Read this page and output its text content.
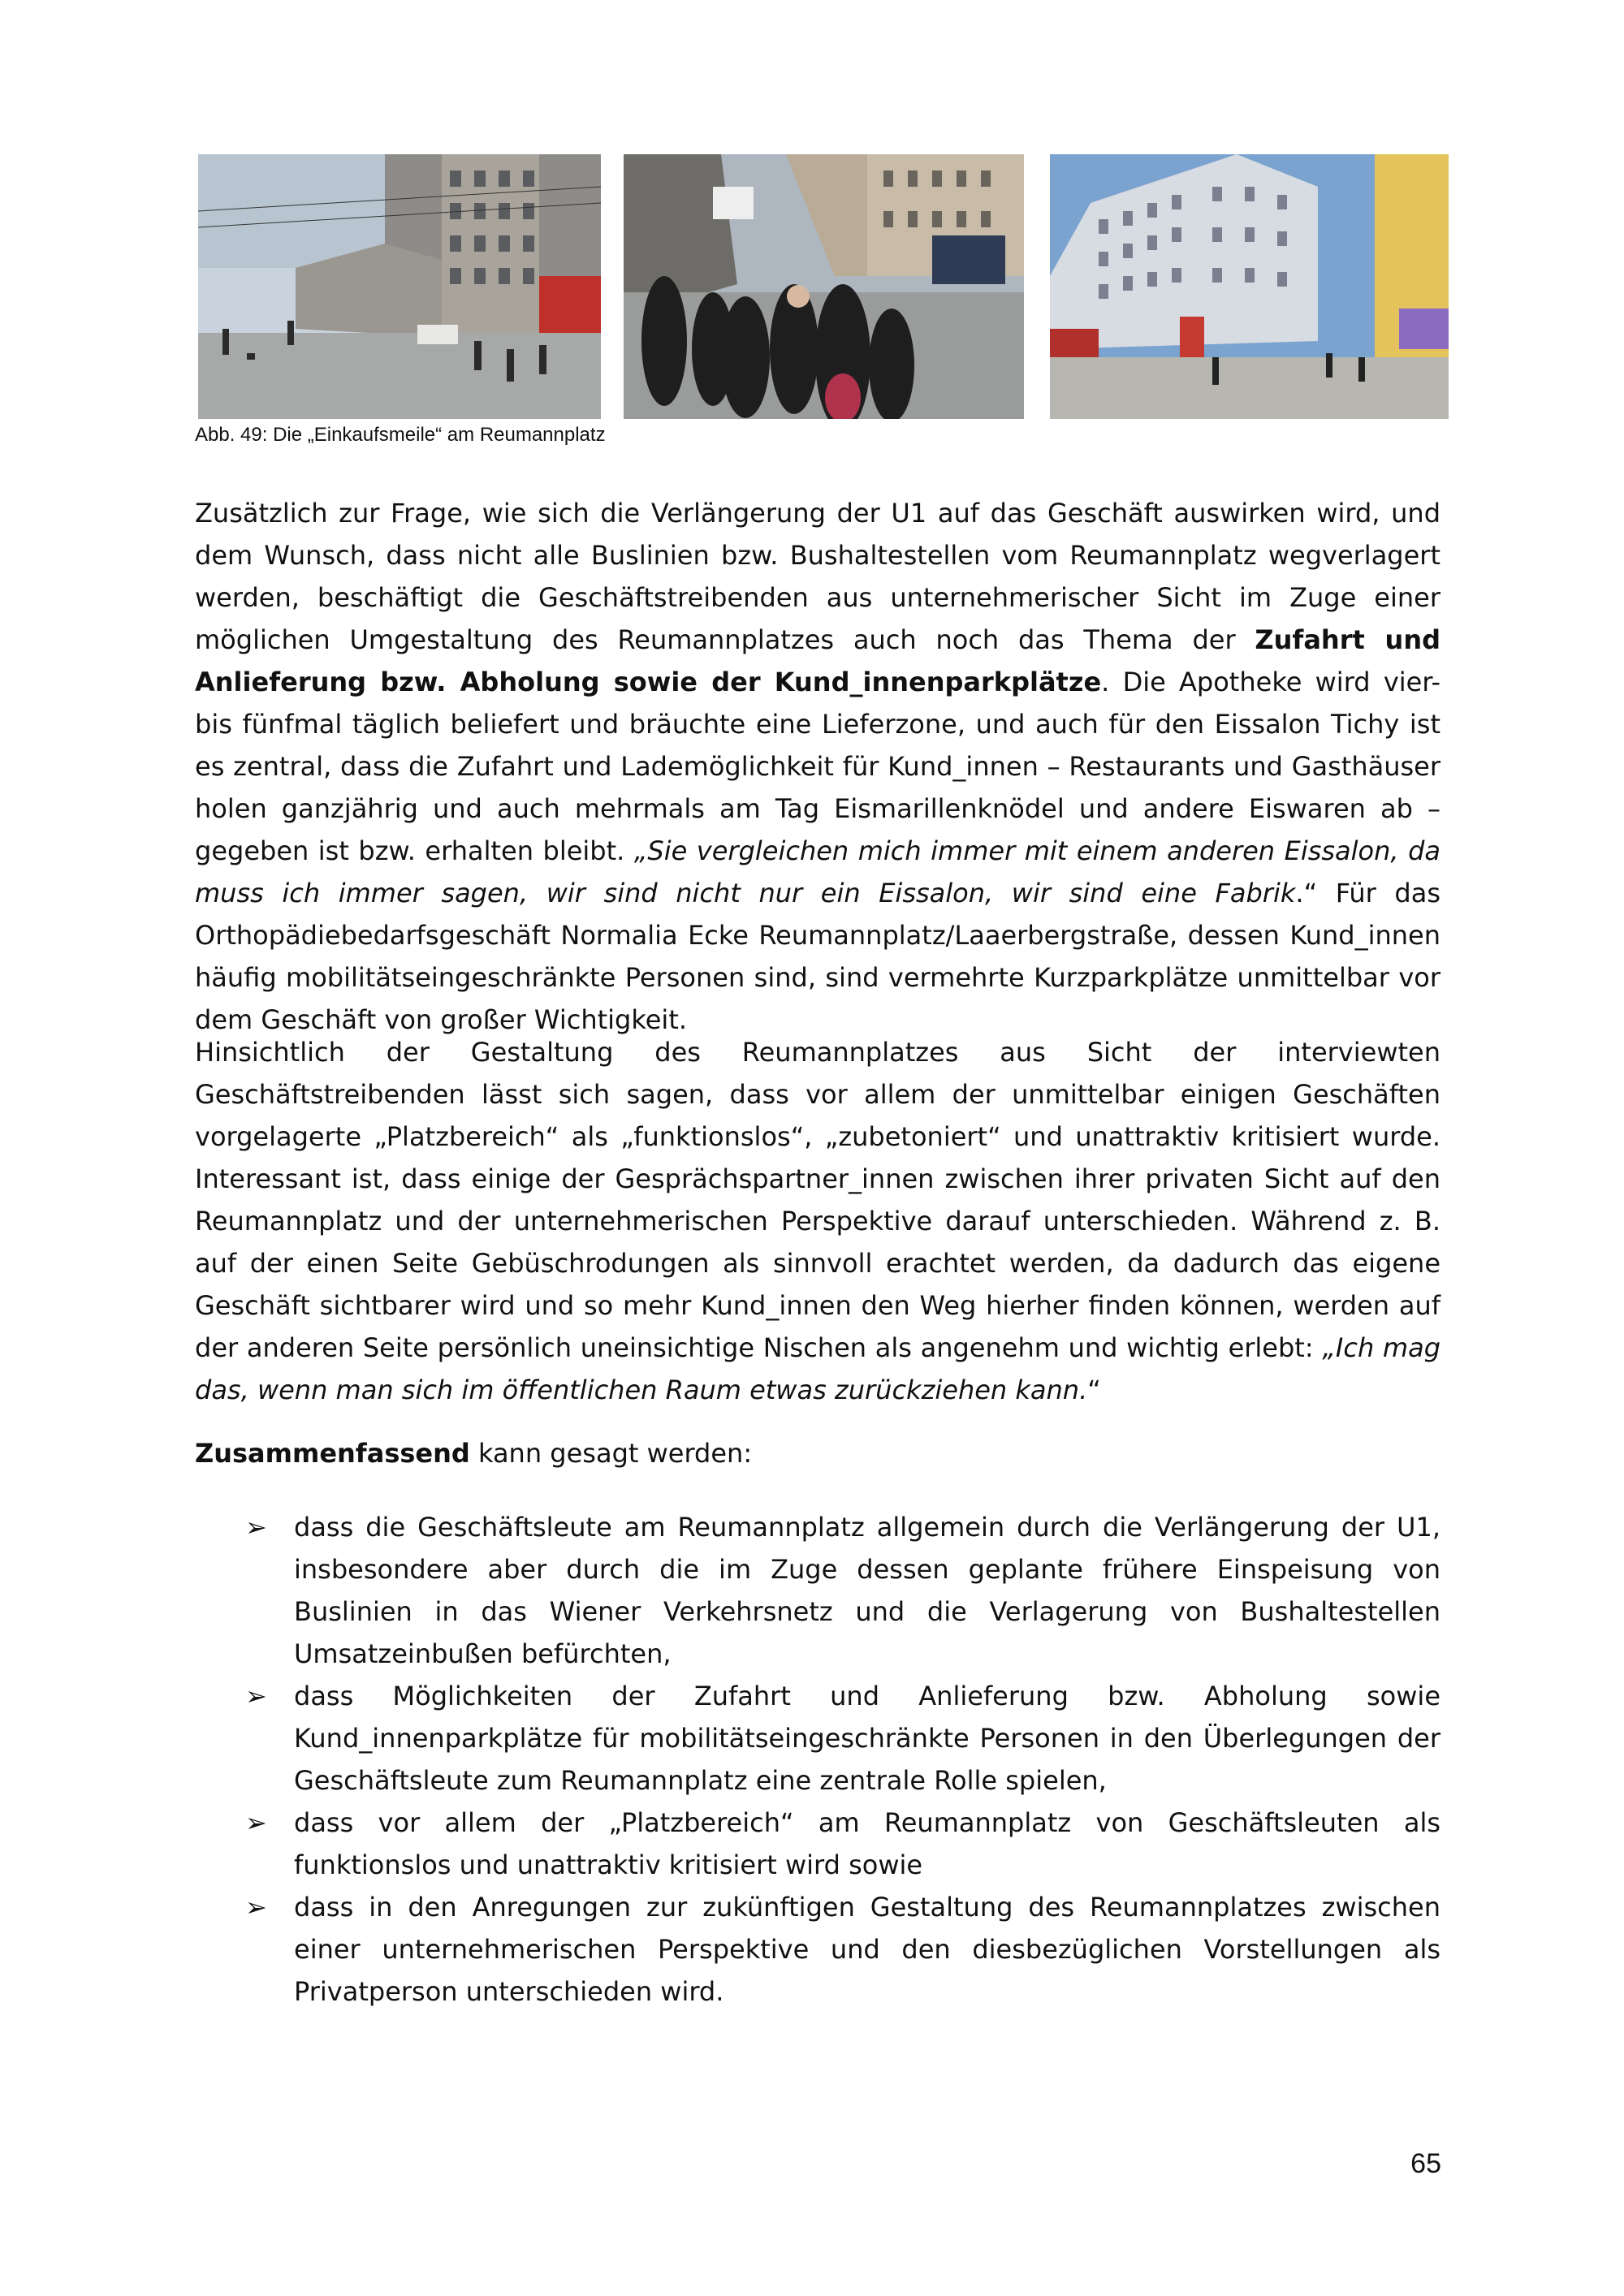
Abb. 49: Die „Einkaufsmeile“ am Reumannplatz

Zusätzlich zur Frage, wie sich die Verlängerung der U1 auf das Geschäft auswirken wird, und dem Wunsch, dass nicht alle Buslinien bzw. Bushaltestellen vom Reumannplatz wegverlagert werden, beschäftigt die Geschäftstreibenden aus unternehmerischer Sicht im Zuge einer möglichen Umgestaltung des Reumannplatzes auch noch das Thema der Zufahrt und Anlieferung bzw. Abholung sowie der Kund_innenparkplätze. Die Apotheke wird vier- bis fünfmal täglich beliefert und bräuchte eine Lieferzone, und auch für den Eissalon Tichy ist es zentral, dass die Zufahrt und Lademöglichkeit für Kund_innen – Restaurants und Gasthäuser holen ganzjährig und auch mehrmals am Tag Eismarillenknödel und andere Eiswaren ab – gegeben ist bzw. erhalten bleibt. „Sie vergleichen mich immer mit einem anderen Eissalon, da muss ich immer sagen, wir sind nicht nur ein Eissalon, wir sind eine Fabrik.“ Für das Orthopädiebedarfsgeschäft Normalia Ecke Reumannplatz/Laaerbergstraße, dessen Kund_innen häufig mobilitätseingeschränkte Personen sind, sind vermehrte Kurzparkplätze unmittelbar vor dem Geschäft von großer Wichtigkeit.

Hinsichtlich der Gestaltung des Reumannplatzes aus Sicht der interviewten Geschäftstreibenden lässt sich sagen, dass vor allem der unmittelbar einigen Geschäften vorgelagerte „Platzbereich“ als „funktionslos“, „zubetoniert“ und unattraktiv kritisiert wurde. Interessant ist, dass einige der Gesprächspartner_innen zwischen ihrer privaten Sicht auf den Reumannplatz und der unternehmerischen Perspektive darauf unterschieden. Während z. B. auf der einen Seite Gebüschrodungen als sinnvoll erachtet werden, da dadurch das eigene Geschäft sichtbarer wird und so mehr Kund_innen den Weg hierher finden können, werden auf der anderen Seite persönlich uneinsichtige Nischen als angenehm und wichtig erlebt: „Ich mag das, wenn man sich im öffentlichen Raum etwas zurückziehen kann.“

Zusammenfassend kann gesagt werden:

➢ dass die Geschäftsleute am Reumannplatz allgemein durch die Verlängerung der U1, insbesondere aber durch die im Zuge dessen geplante frühere Einspeisung von Buslinien in das Wiener Verkehrsnetz und die Verlagerung von Bushaltestellen Umsatzeinbußen befürchten,
➢ dass Möglichkeiten der Zufahrt und Anlieferung bzw. Abholung sowie Kund_innenparkplätze für mobilitätseingeschränkte Personen in den Überlegungen der Geschäftsleute zum Reumannplatz eine zentrale Rolle spielen,
➢ dass vor allem der „Platzbereich“ am Reumannplatz von Geschäftsleuten als funktionslos und unattraktiv kritisiert wird sowie
➢ dass in den Anregungen zur zukünftigen Gestaltung des Reumannplatzes zwischen einer unternehmerischen Perspektive und den diesbezüglichen Vorstellungen als Privatperson unterschieden wird.
65
